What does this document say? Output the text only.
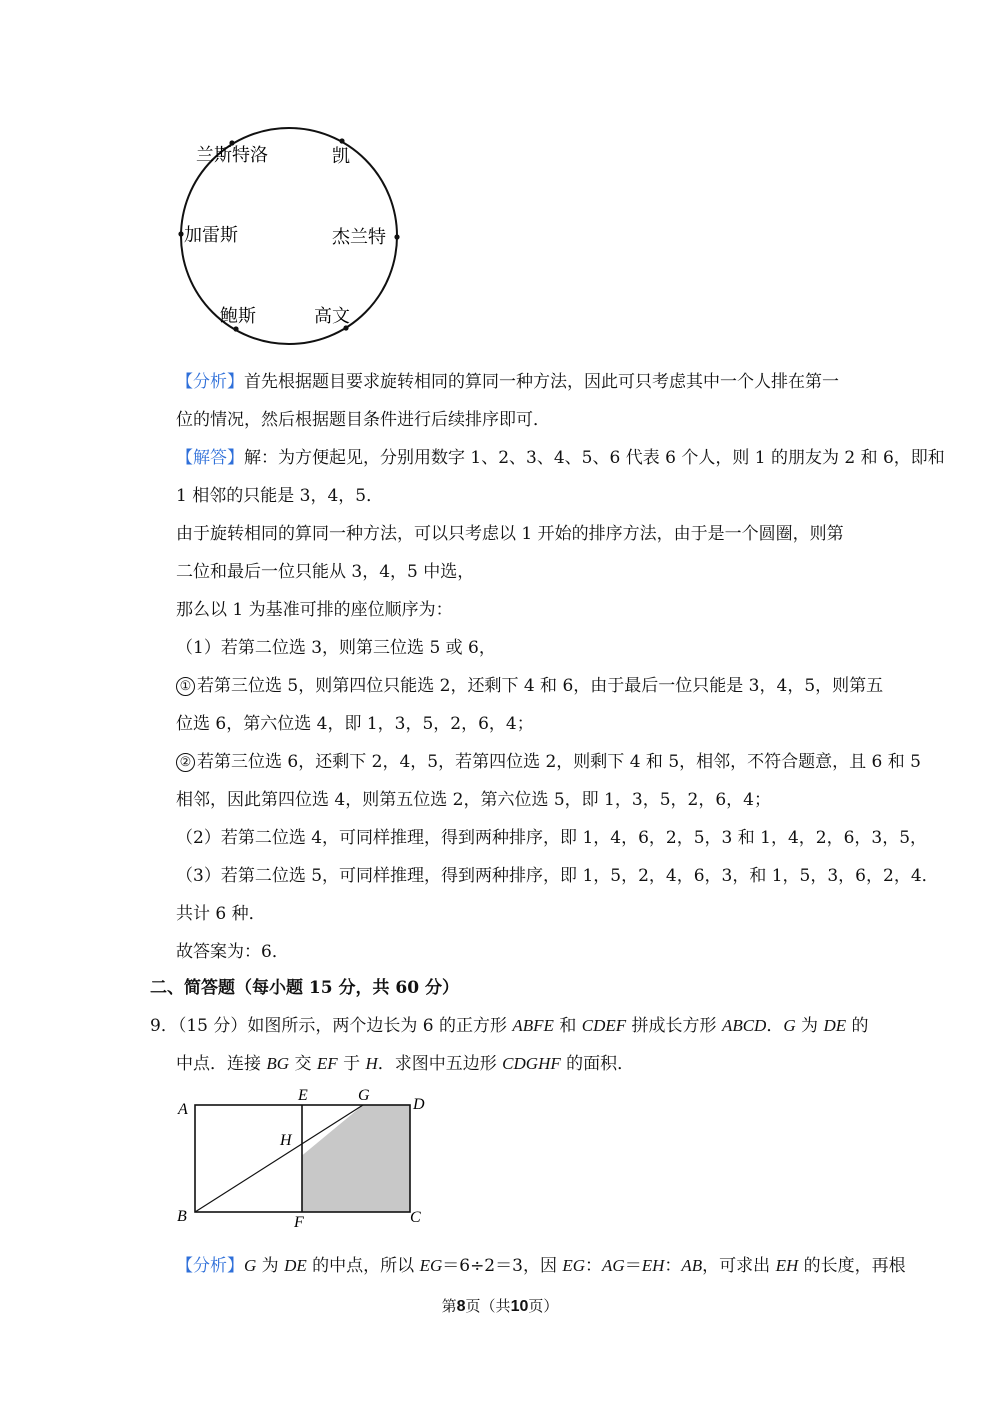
兰斯特洛	凯
加雷斯	杰兰特
鲍斯	高文
【分析】首先根据题目要求旋转相同的算同一种方法，因此可只考虑其中一个人排在第一
位的情况，然后根据题目条件进行后续排序即可．
【解答】解：为方便起见，分别用数字 1、2、3、4、5、6 代表 6 个人，则 1 的朋友为 2 和 6，即和
1 相邻的只能是 3，4，5．
由于旋转相同的算同一种方法，可以只考虑以 1 开始的排序方法，由于是一个圆圈，则第
二位和最后一位只能从 3，4，5 中选，
那么以 1 为基准可排的座位顺序为：
（1）若第二位选 3，则第三位选 5 或 6，
① 若第三位选 5，则第四位只能选 2，还剩下 4 和 6，由于最后一位只能是 3，4，5，则第五
位选 6，第六位选 4，即 1，3，5，2，6，4；
② 若第三位选 6，还剩下 2，4，5，若第四位选 2，则剩下 4 和 5，相邻，不符合题意，且 6 和 5
相邻，因此第四位选 4，则第五位选 2，第六位选 5，即 1，3，5，2，6，4；
（2）若第二位选 4，可同样推理，得到两种排序，即 1，4，6，2，5，3 和 1，4，2，6，3，5，
（3）若第二位选 5，可同样推理，得到两种排序，即 1，5，2，4，6，3，和 1，5，3，6，2，4．
共计 6 种．
故答案为：6．
二、简答题（每小题 15 分，共 60 分）
9．（15 分）如图所示，两个边长为 6 的正方形 ABFE 和 CDEF 拼成长方形 ABCD．G 为 DE 的
中点．连接 BG 交 EF 于 H．求图中五边形 CDGHF 的面积．
A
E	G
D
H
B	F	C
【分析】G 为 DE 的中点，所以 EG＝6÷2＝3，因 EG：AG＝EH：AB，可求出 EH 的长度，再根
第8页（共10页）
